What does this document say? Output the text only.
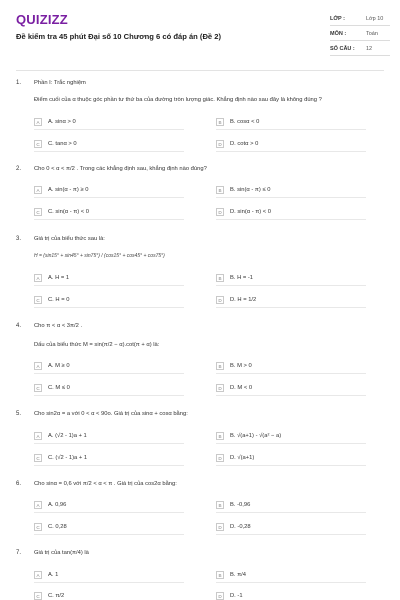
QUIZIZZ
Đề kiểm tra 45 phút Đại số 10 Chương 6 có đáp án (Đề 2)
LỚP :	Lớp 10
MÔN :	Toán
SỐ CÂU : 12
1. Phần I: Trắc nghiệm
Điểm cuối của α thuộc góc phần tư thứ ba của đường tròn lượng giác. Khẳng định nào sau đây là không đúng ?
A	A. sinα > 0	B	B. cosα < 0
C	C. tanα > 0	D	D. cotα > 0
2. Cho 0 < α < π/2 . Trong các khẳng định sau, khẳng định nào đúng?
A	A. sin(α - π) ≥ 0	B	B. sin(α - π) ≤ 0
C	C. sin(α - π) < 0	D	D. sin(α - π) < 0
3. Giá trị của biểu thức sau là:
H = (sin15° + sin45° + sin75°) / (cos15° + cos45° + cos75°)
A	A. H = 1	B	B. H = -1
C	C. H = 0	D	D. H = 1/2
4. Cho π < α < 3π/2 .
Dấu của biểu thức M = sin(π/2 − α).cot(π + α) là:
A	A. M ≥ 0	B	B. M > 0
C	C. M ≤ 0	D	D. M < 0
5. Cho sin2α = a với 0 < α < 90o. Giá trị của sinα + cosα bằng:
A	A. (√2 - 1)a + 1	B	B. √(a+1) - √(a² − a)
C	C. (√2 - 1)a + 1	D	D. √(a+1)
6. Cho sinα = 0,6 với π/2 < α < π . Giá trị của cos2α bằng:
A	A. 0,96	B	B. -0,96
C	C. 0,28	D	D. -0,28
7. Giá trị của tan(π/4) là
A	A. 1	B	B. π/4
C	C. π/2	D	D. -1
